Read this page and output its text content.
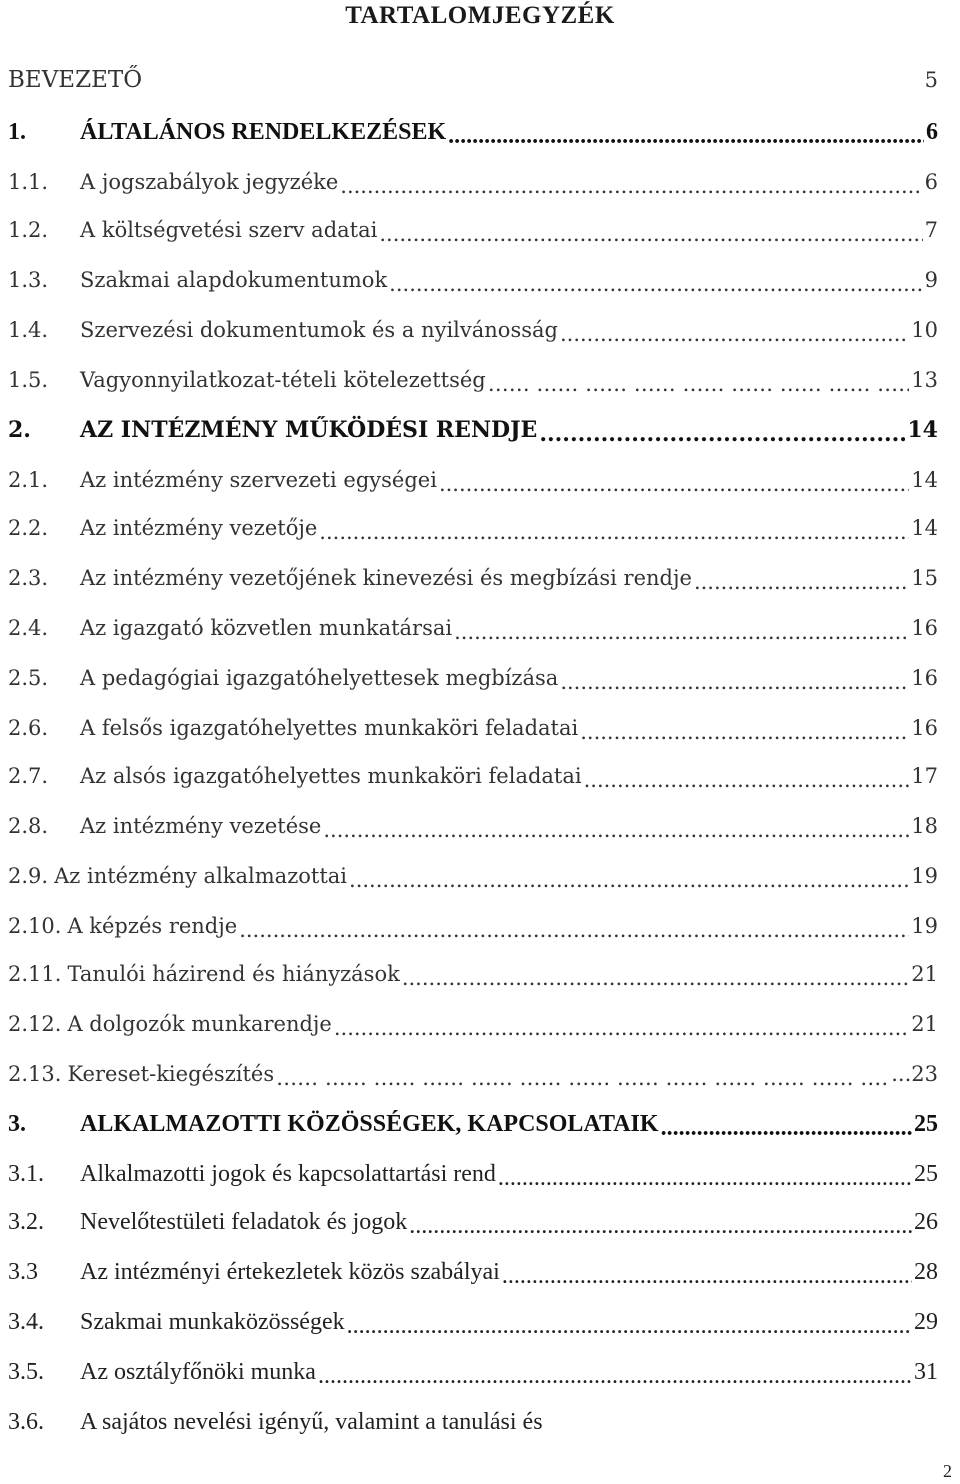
TARTALOMJEGYZÉK
BEVEZETŐ	5
1.	ÁLTALÁNOS RENDELKEZÉSEK .....	6
1.1.	A jogszabályok jegyzéke .....	6
1.2.	A költségvetési szerv adatai .....	7
1.3.	Szakmai alapdokumentumok .....	9
1.4.	Szervezési dokumentumok és a nyilvánosság .....	10
1.5.	Vagyonnyilatkozat-tételi kötelezettség …… …… …… …… …… …… …… …… …… …… …… …… …… …… …… …… …… …… …… …… …… …… …… …… …… …… ……	13
2.	AZ INTÉZMÉNY MŰKÖDÉSI RENDJE .....	14
2.1.	Az intézmény szervezeti egységei .....	14
2.2.	Az intézmény vezetője .....	14
2.3.	Az intézmény vezetőjének kinevezési és megbízási rendje .....	15
2.4.	Az igazgató közvetlen munkatársai .....	16
2.5.	A pedagógiai igazgatóhelyettesek megbízása .....	16
2.6.	A felsős igazgatóhelyettes munkaköri feladatai .....	16
2.7.	Az alsós igazgatóhelyettes munkaköri feladatai .....	17
2.8.	Az intézmény vezetése .....	18
2.9. Az intézmény alkalmazottai .....	19
2.10. A képzés rendje .....	19
2.11. Tanulói házirend és hiányzások .....	21
2.12. A dolgozók munkarendje .....	21
2.13. Kereset-kiegészítés …… …… …… …… …… …… …… …… …… …… …… …… …… …… …… …… …… …… …… …… …… …… …… …… …… …… ……	...23
3.	ALKALMAZOTTI KÖZÖSSÉGEK, KAPCSOLATAIK .....	25
3.1.	Alkalmazotti jogok és kapcsolattartási rend .....	25
3.2.	Nevelőtestületi feladatok és jogok .....	26
3.3	Az intézményi értekezletek közös szabályai .....	28
3.4.	Szakmai munkaközösségek .....	29
3.5.	Az osztályfőnöki munka .....	31
3.6.	A sajátos nevelési igényű, valamint a tanulási és
2
